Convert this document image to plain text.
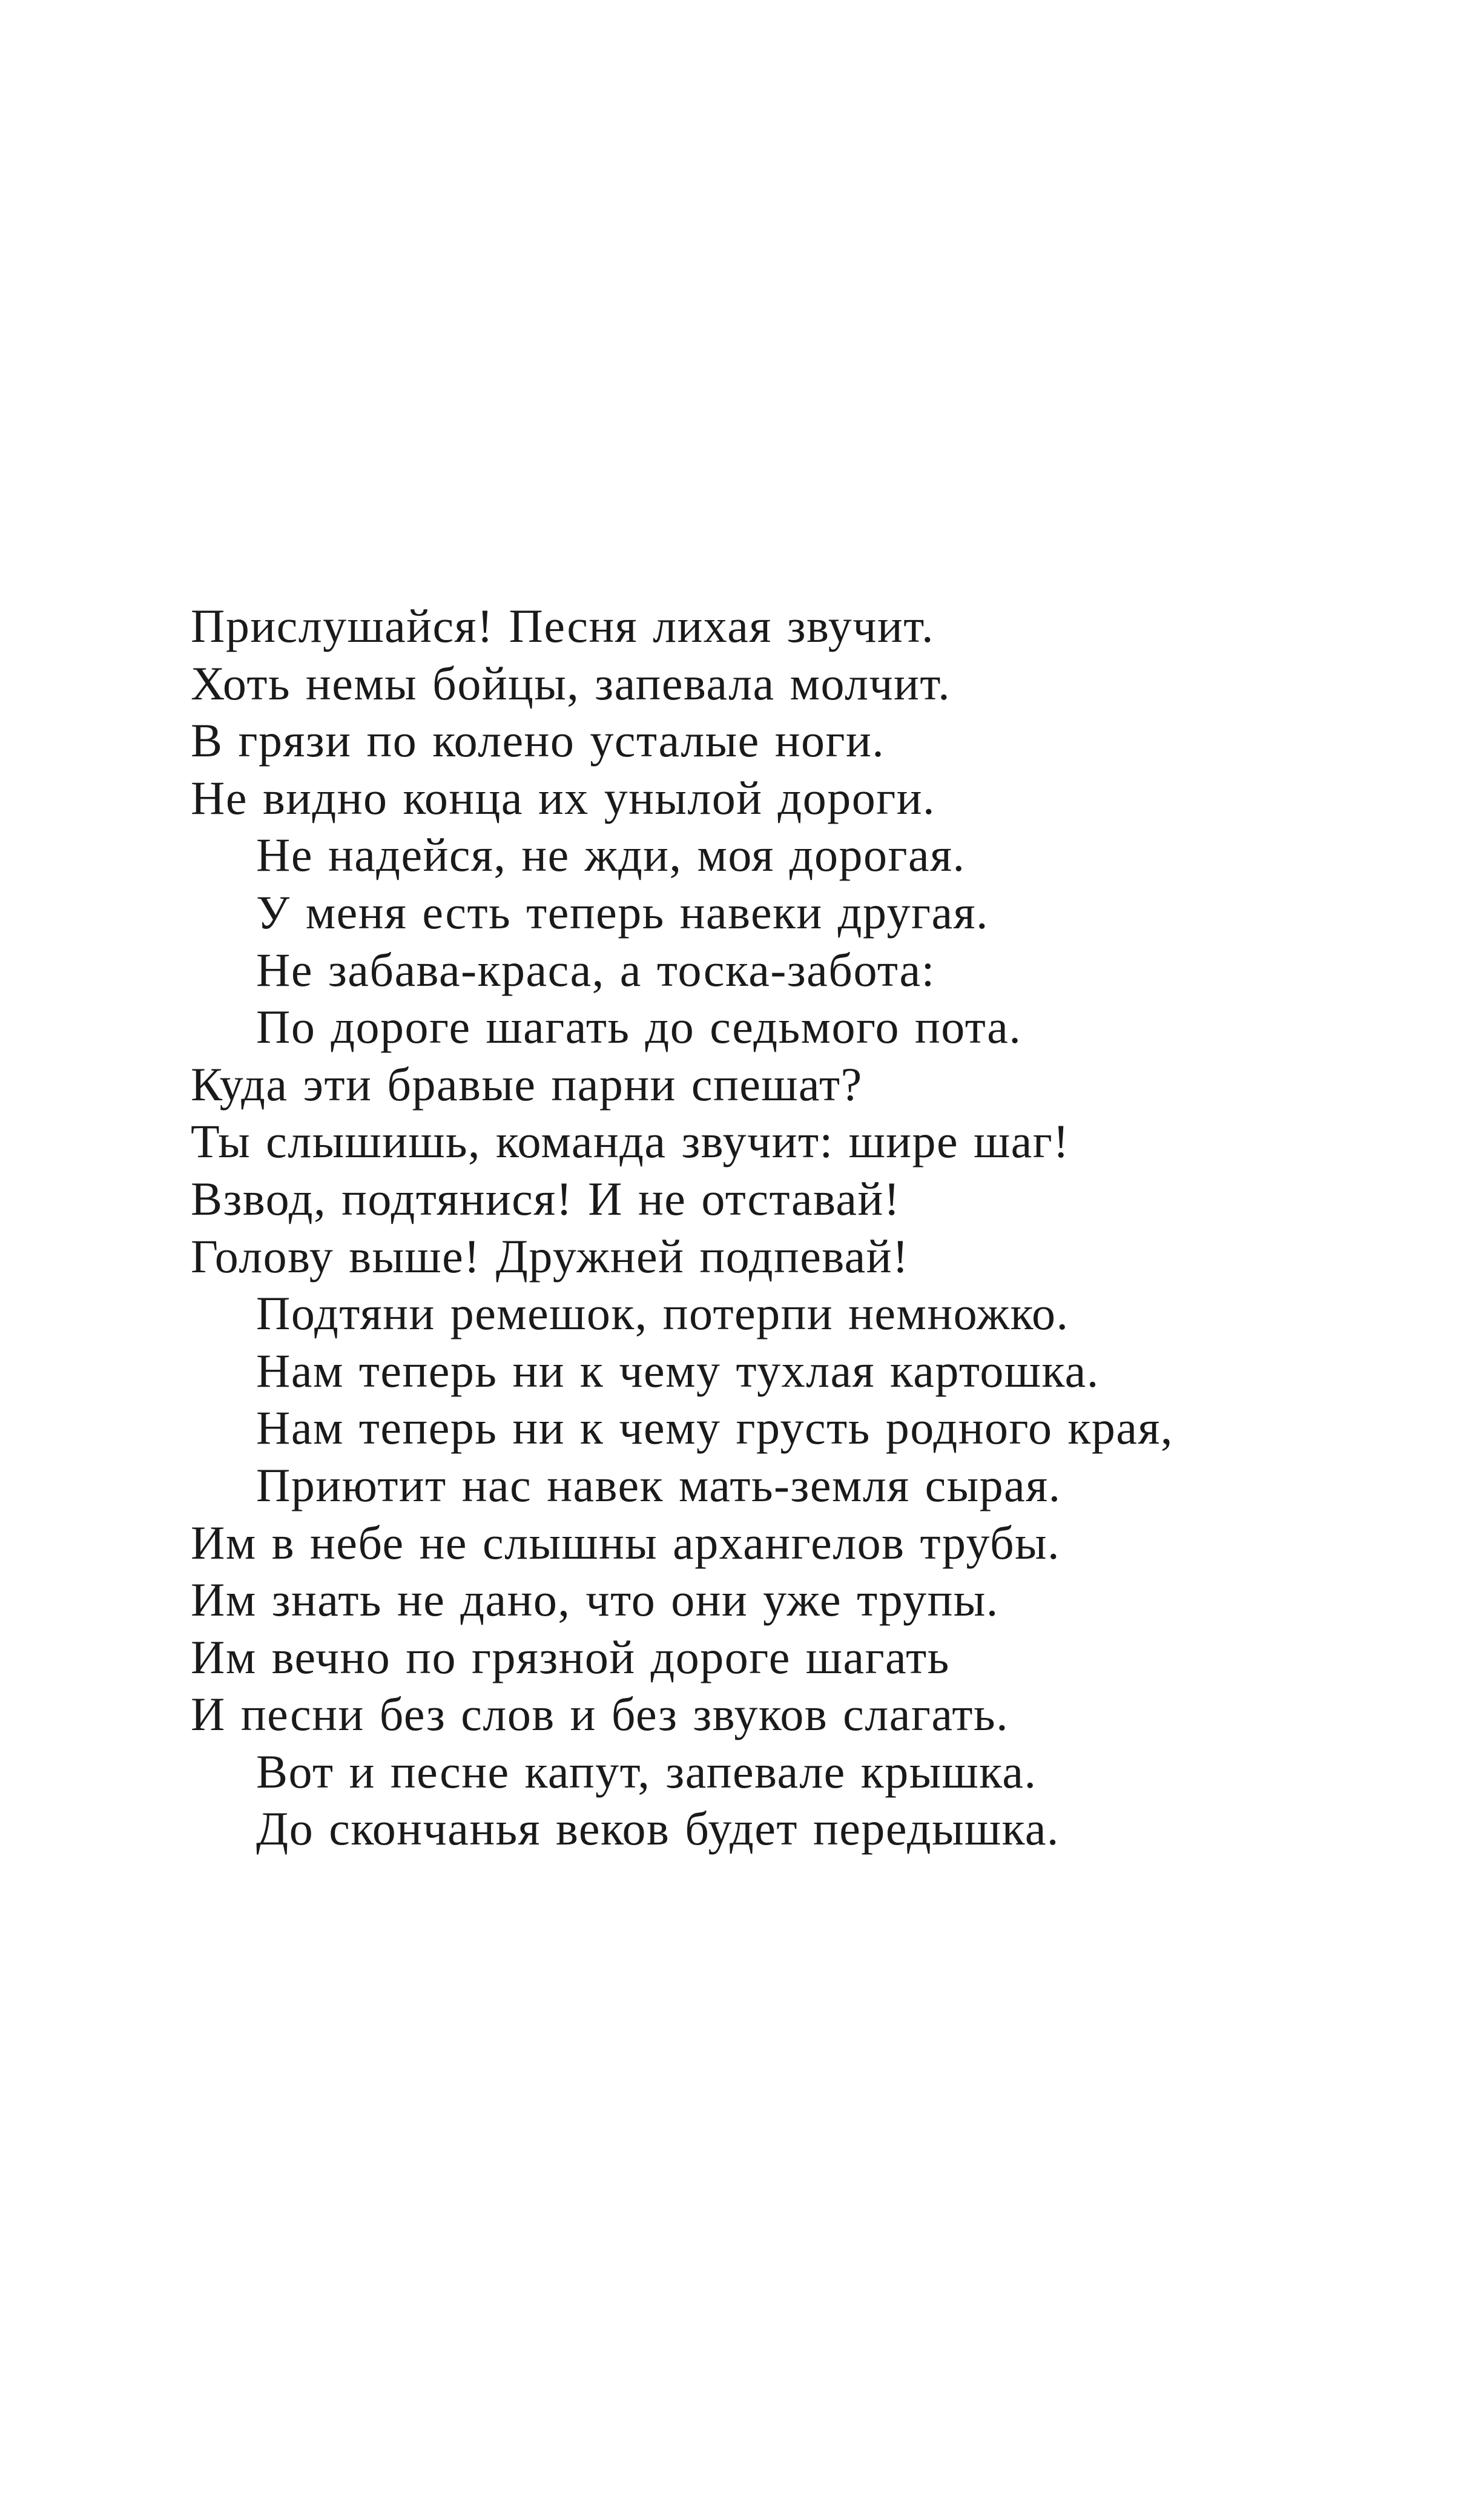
Прислушайся! Песня лихая звучит.
Хоть немы бойцы, запевала молчит.
В грязи по колено усталые ноги.
Не видно конца их унылой дороги.
Не надейся, не жди, моя дорогая.
У меня есть теперь навеки другая.
Не забава-краса, а тоска-забота:
По дороге шагать до седьмого пота.
Куда эти бравые парни спешат?
Ты слышишь, команда звучит: шире шаг!
Взвод, подтянися! И не отставай!
Голову выше! Дружней подпевай!
Подтяни ремешок, потерпи немножко.
Нам теперь ни к чему тухлая картошка.
Нам теперь ни к чему грусть родного края,
Приютит нас навек мать-земля сырая.
Им в небе не слышны архангелов трубы.
Им знать не дано, что они уже трупы.
Им вечно по грязной дороге шагать
И песни без слов и без звуков слагать.
Вот и песне капут, запевале крышка.
До скончанья веков будет передышка.
